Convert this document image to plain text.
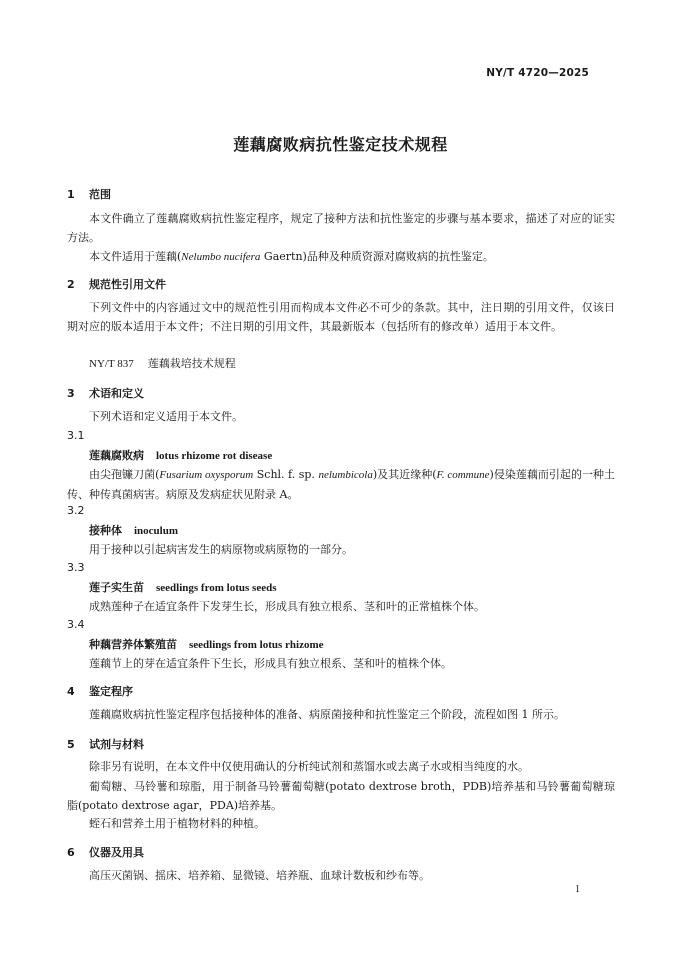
NY/T 4720—2025
莲藕腐败病抗性鉴定技术规程
1 范围
本文件确立了莲藕腐败病抗性鉴定程序，规定了接种方法和抗性鉴定的步骤与基本要求，描述了对应的证实方法。
本文件适用于莲藕(Nelumbo nucifera Gaertn)品种及种质资源对腐败病的抗性鉴定。
2 规范性引用文件
下列文件中的内容通过文中的规范性引用而构成本文件必不可少的条款。其中，注日期的引用文件，仅该日期对应的版本适用于本文件；不注日期的引用文件，其最新版本（包括所有的修改单）适用于本文件。
NY/T 837 莲藕栽培技术规程
3 术语和定义
下列术语和定义适用于本文件。
3.1
莲藕腐败病 lotus rhizome rot disease
由尖孢镰刀菌(Fusarium oxysporum Schl. f. sp. nelumbicola)及其近缘种(F. commune)侵染莲藕而引起的一种土传、种传真菌病害。病原及发病症状见附录 A。
3.2
接种体 inoculum
用于接种以引起病害发生的病原物或病原物的一部分。
3.3
莲子实生苗 seedlings from lotus seeds
成熟莲种子在适宜条件下发芽生长，形成具有独立根系、茎和叶的正常植株个体。
3.4
种藕营养体繁殖苗 seedlings from lotus rhizome
莲藕节上的芽在适宜条件下生长，形成具有独立根系、茎和叶的植株个体。
4 鉴定程序
莲藕腐败病抗性鉴定程序包括接种体的准备、病原菌接种和抗性鉴定三个阶段，流程如图 1 所示。
5 试剂与材料
除非另有说明，在本文件中仅使用确认的分析纯试剂和蒸馏水或去离子水或相当纯度的水。
葡萄糖、马铃薯和琼脂，用于制备马铃薯葡萄糖(potato dextrose broth，PDB)培养基和马铃薯葡萄糖琼脂(potato dextrose agar，PDA)培养基。
蛭石和营养土用于植物材料的种植。
6 仪器及用具
高压灭菌锅、摇床、培养箱、显微镜、培养瓶、血球计数板和纱布等。
1
